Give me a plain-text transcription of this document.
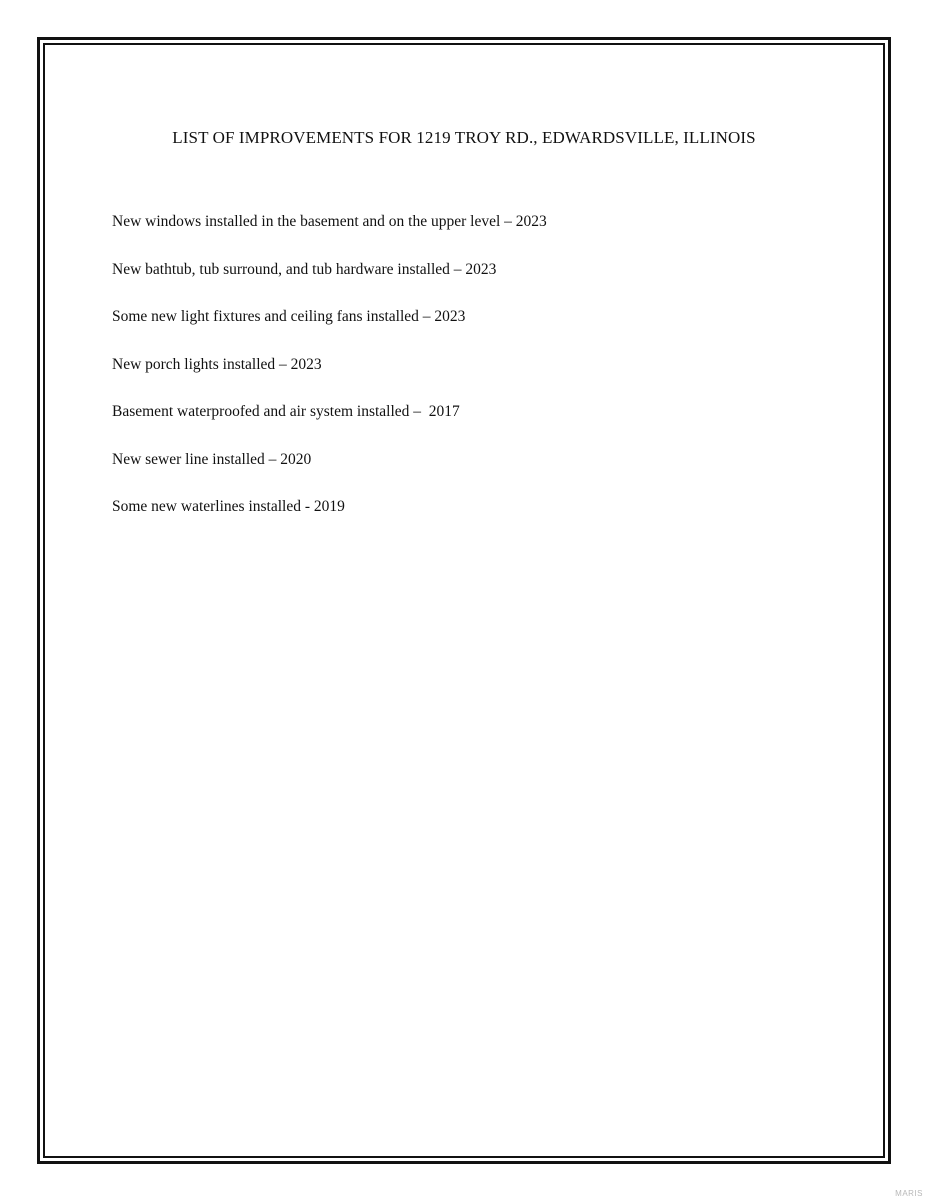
LIST OF IMPROVEMENTS FOR 1219 TROY RD., EDWARDSVILLE, ILLINOIS
New windows installed in the basement and on the upper level – 2023
New bathtub, tub surround, and tub hardware installed – 2023
Some new light fixtures and ceiling fans installed – 2023
New porch lights installed – 2023
Basement waterproofed and air system installed –  2017
New sewer line installed – 2020
Some new waterlines installed - 2019
MARIS
